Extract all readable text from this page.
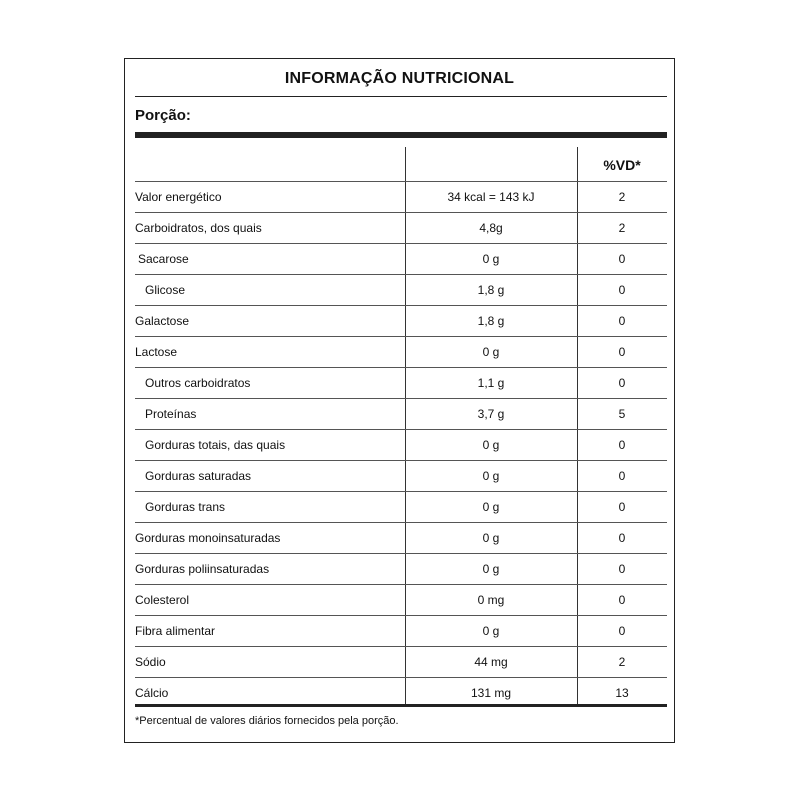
INFORMAÇÃO NUTRICIONAL
Porção:
%VD*
Valor energético	34 kcal = 143 kJ	2
Carboidratos, dos quais	4,8g	2
Sacarose	0 g	0
Glicose	1,8 g	0
Galactose	1,8 g	0
Lactose	0 g	0
Outros carboidratos	1,1 g	0
Proteínas	3,7 g	5
Gorduras totais, das quais	0 g	0
Gorduras saturadas	0 g	0
Gorduras trans	0 g	0
Gorduras monoinsaturadas	0 g	0
Gorduras poliinsaturadas	0 g	0
Colesterol	0 mg	0
Fibra alimentar	0 g	0
Sódio	44 mg	2
Cálcio	131 mg	13
*Percentual de valores diários fornecidos pela porção.
